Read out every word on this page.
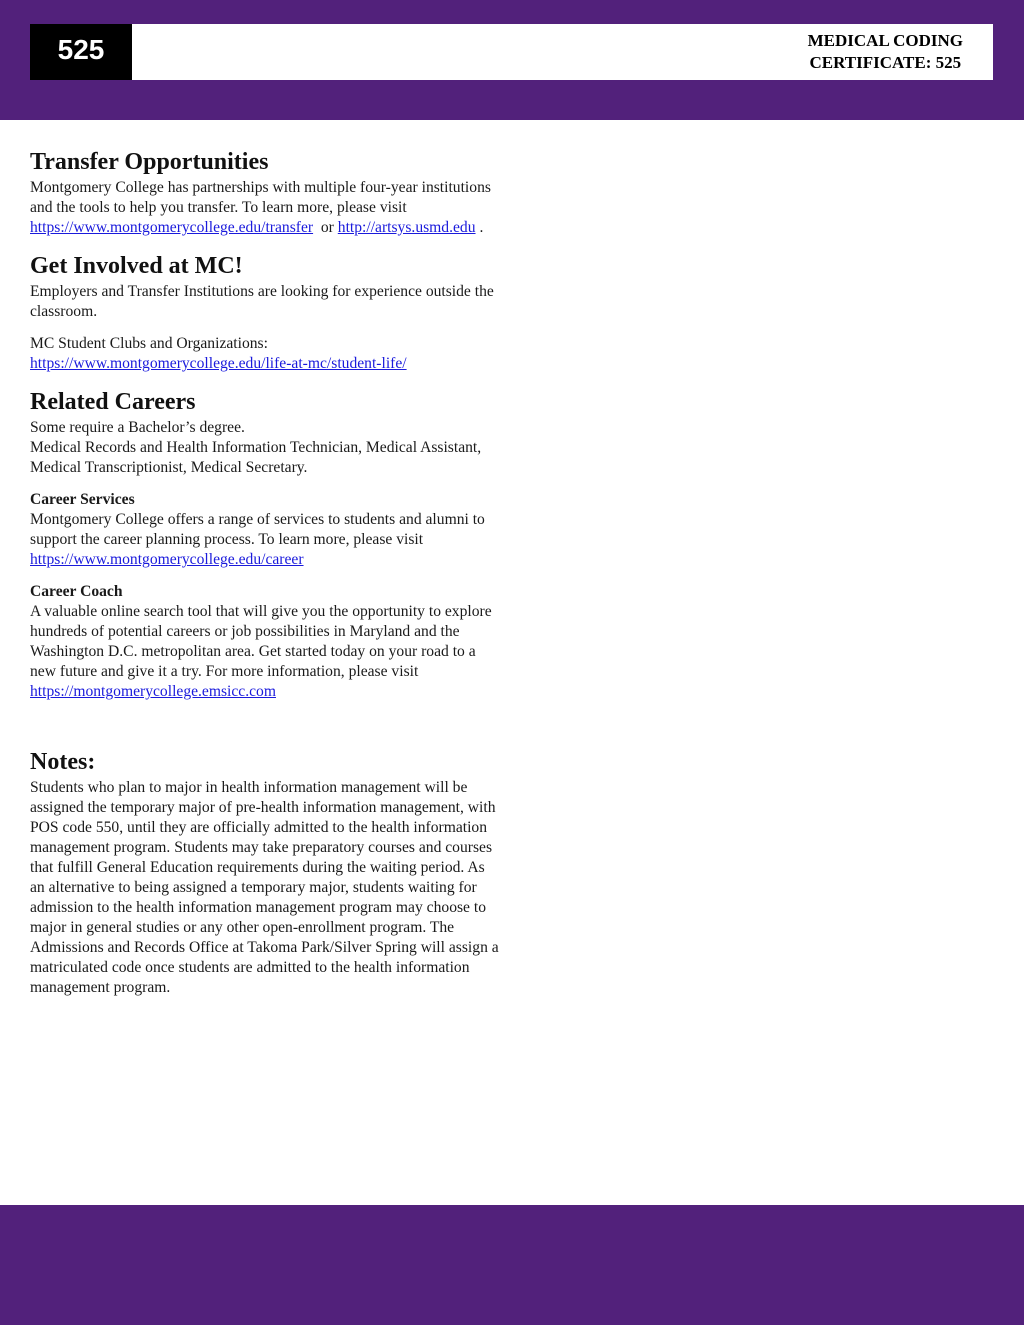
525	MEDICAL CODING
CERTIFICATE: 525
Transfer Opportunities

Montgomery College has partnerships with multiple four-year institutions and the tools to help you transfer. To learn more, please visit https://www.montgomerycollege.edu/transfer or http://artsys.usmd.edu .

Get Involved at MC!

Employers and Transfer Institutions are looking for experience outside the classroom.

MC Student Clubs and Organizations: https://www.montgomerycollege.edu/life-at-mc/student-life/

Related Careers

Some require a Bachelor’s degree.

Medical Records and Health Information Technician, Medical Assistant, Medical Transcriptionist, Medical Secretary.

Career Services

Montgomery College offers a range of services to students and alumni to support the career planning process. To learn more, please visit https://www.montgomerycollege.edu/career

Career Coach

A valuable online search tool that will give you the opportunity to explore hundreds of potential careers or job possibilities in Maryland and the Washington D.C. metropolitan area. Get started today on your road to a new future and give it a try. For more information, please visit https://montgomerycollege.emsicc.com

Notes:

Students who plan to major in health information management will be assigned the temporary major of pre-health information management, with POS code 550, until they are officially admitted to the health information management program. Students may take preparatory courses and courses that fulfill General Education requirements during the waiting period. As an alternative to being assigned a temporary major, students waiting for admission to the health information management program may choose to major in general studies or any other open-enrollment program. The Admissions and Records Office at Takoma Park/Silver Spring will assign a matriculated code once students are admitted to the health information management program.
